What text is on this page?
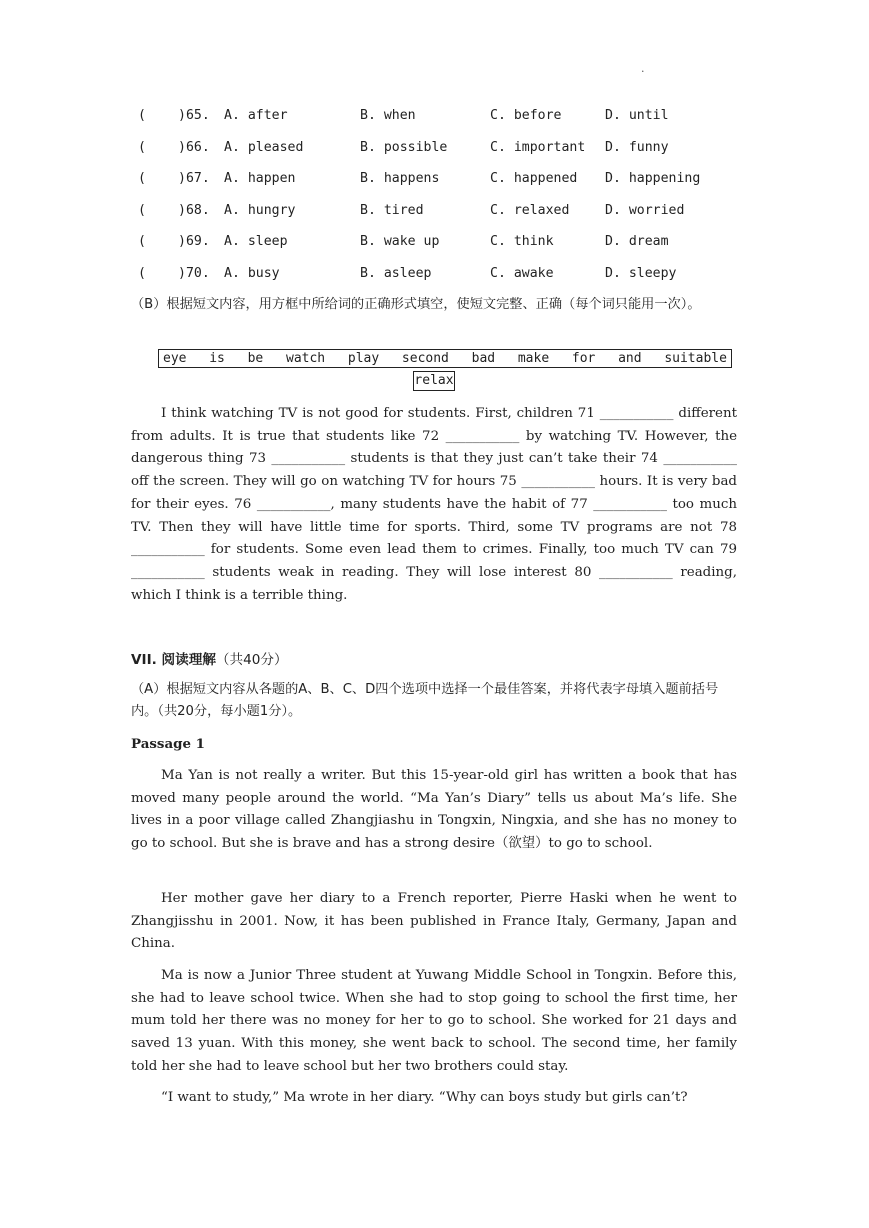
.
( )65. A. after	B. when	C. before	D. until
( )66. A. pleased	B. possible	C. important D. funny
( )67. A. happen	B. happens	C. happened D. happening
( )68. A. hungry	B. tired	C. relaxed	D. worried
( )69. A. sleep	B. wake up	C. think	D. dream
( )70. A. busy	B. asleep	C. awake	D. sleepy
（B）根据短文内容，用方框中所给词的正确形式填空，使短文完整、正确（每个词只能用一次）。
eye is be watch play second bad make for and suitable
relax
I think watching TV is not good for students. First, children 71 ___________ different from adults. It is true that students like 72 ___________ by watching TV. However, the dangerous thing 73 ___________ students is that they just can’t take their 74 ___________ off the screen. They will go on watching TV for hours 75 ___________ hours. It is very bad for their eyes. 76 ___________, many students have the habit of 77 ___________ too much TV. Then they will have little time for sports. Third, some TV programs are not 78 ___________ for students. Some even lead them to crimes. Finally, too much TV can 79 ___________ students weak in reading. They will lose interest 80 ___________ reading, which I think is a terrible thing.
VII. 阅读理解（共40分）
（A）根据短文内容从各题的A、B、C、D四个选项中选择一个最佳答案，并将代表字母填入题前括号内。（共20分，每小题1分）。
Passage 1
Ma Yan is not really a writer. But this 15-year-old girl has written a book that has moved many people around the world. “Ma Yan’s Diary” tells us about Ma’s life. She lives in a poor village called Zhangjiashu in Tongxin, Ningxia, and she has no money to go to school. But she is brave and has a strong desire（欲望）to go to school.
Her mother gave her diary to a French reporter, Pierre Haski when he went to Zhangjisshu in 2001. Now, it has been published in France Italy, Germany, Japan and China.
Ma is now a Junior Three student at Yuwang Middle School in Tongxin. Before this, she had to leave school twice. When she had to stop going to school the first time, her mum told her there was no money for her to go to school. She worked for 21 days and saved 13 yuan. With this money, she went back to school. The second time, her family told her she had to leave school but her two brothers could stay.
“I want to study,” Ma wrote in her diary. “Why can boys study but girls can’t?
